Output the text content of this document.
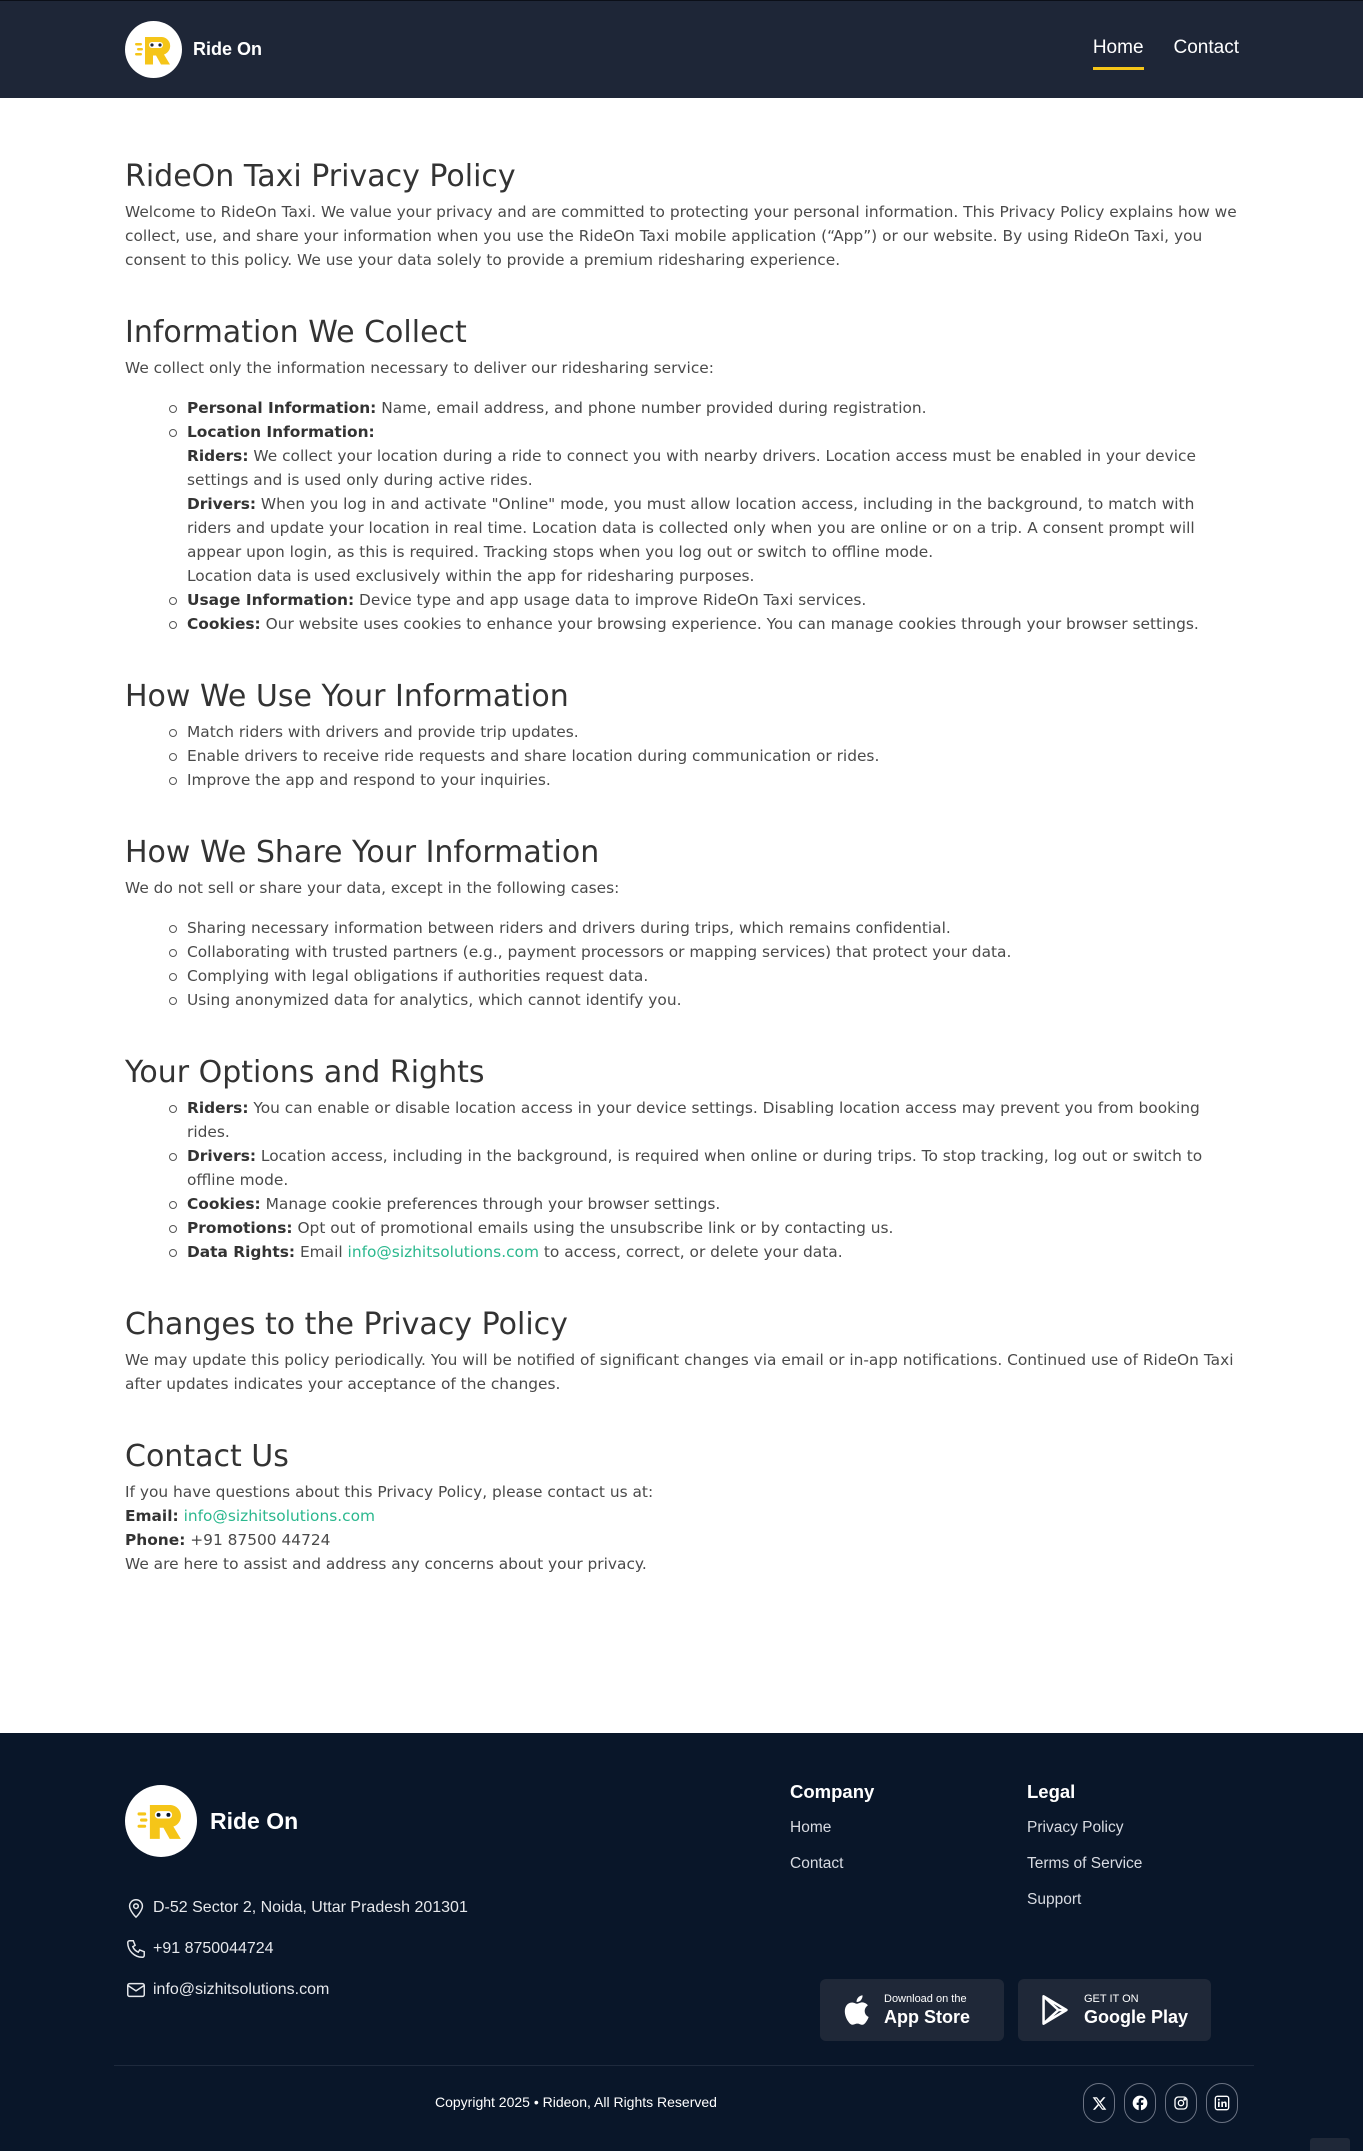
Ride On	Home Contact
RideOn Taxi Privacy Policy

Welcome to RideOn Taxi. We value your privacy and are committed to protecting your personal information. This Privacy Policy explains how we collect, use, and share your information when you use the RideOn Taxi mobile application (“App”) or our website. By using RideOn Taxi, you consent to this policy. We use your data solely to provide a premium ridesharing experience.

Information We Collect

We collect only the information necessary to deliver our ridesharing service:

Personal Information: Name, email address, and phone number provided during registration.
Location Information:
Riders: We collect your location during a ride to connect you with nearby drivers. Location access must be enabled in your device settings and is used only during active rides.
Drivers: When you log in and activate "Online" mode, you must allow location access, including in the background, to match with riders and update your location in real time. Location data is collected only when you are online or on a trip. A consent prompt will appear upon login, as this is required. Tracking stops when you log out or switch to offline mode.
Location data is used exclusively within the app for ridesharing purposes.
Usage Information: Device type and app usage data to improve RideOn Taxi services.
Cookies: Our website uses cookies to enhance your browsing experience. You can manage cookies through your browser settings.
How We Use Your Information
Match riders with drivers and provide trip updates.
Enable drivers to receive ride requests and share location during communication or rides.
Improve the app and respond to your inquiries.
How We Share Your Information

We do not sell or share your data, except in the following cases:

Sharing necessary information between riders and drivers during trips, which remains confidential.
Collaborating with trusted partners (e.g., payment processors or mapping services) that protect your data.
Complying with legal obligations if authorities request data.
Using anonymized data for analytics, which cannot identify you.
Your Options and Rights
Riders: You can enable or disable location access in your device settings. Disabling location access may prevent you from booking rides.
Drivers: Location access, including in the background, is required when online or during trips. To stop tracking, log out or switch to offline mode.
Cookies: Manage cookie preferences through your browser settings.
Promotions: Opt out of promotional emails using the unsubscribe link or by contacting us.
Data Rights: Email info@sizhitsolutions.com to access, correct, or delete your data.
Changes to the Privacy Policy

We may update this policy periodically. You will be notified of significant changes via email or in-app notifications. Continued use of RideOn Taxi after updates indicates your acceptance of the changes.

Contact Us

If you have questions about this Privacy Policy, please contact us at:

Email: info@sizhitsolutions.com

Phone: +91 87500 44724

We are here to assist and address any concerns about your privacy.

Ride On
D-52 Sector 2, Noida, Uttar Pradesh 201301
+91 8750044724
info@sizhitsolutions.com
Company
Home
Contact
Legal
Privacy Policy
Terms of Service
Support
Download on the
App Store
GET IT ON
Google Play
Copyright 2025 • Rideon, All Rights Reserved
